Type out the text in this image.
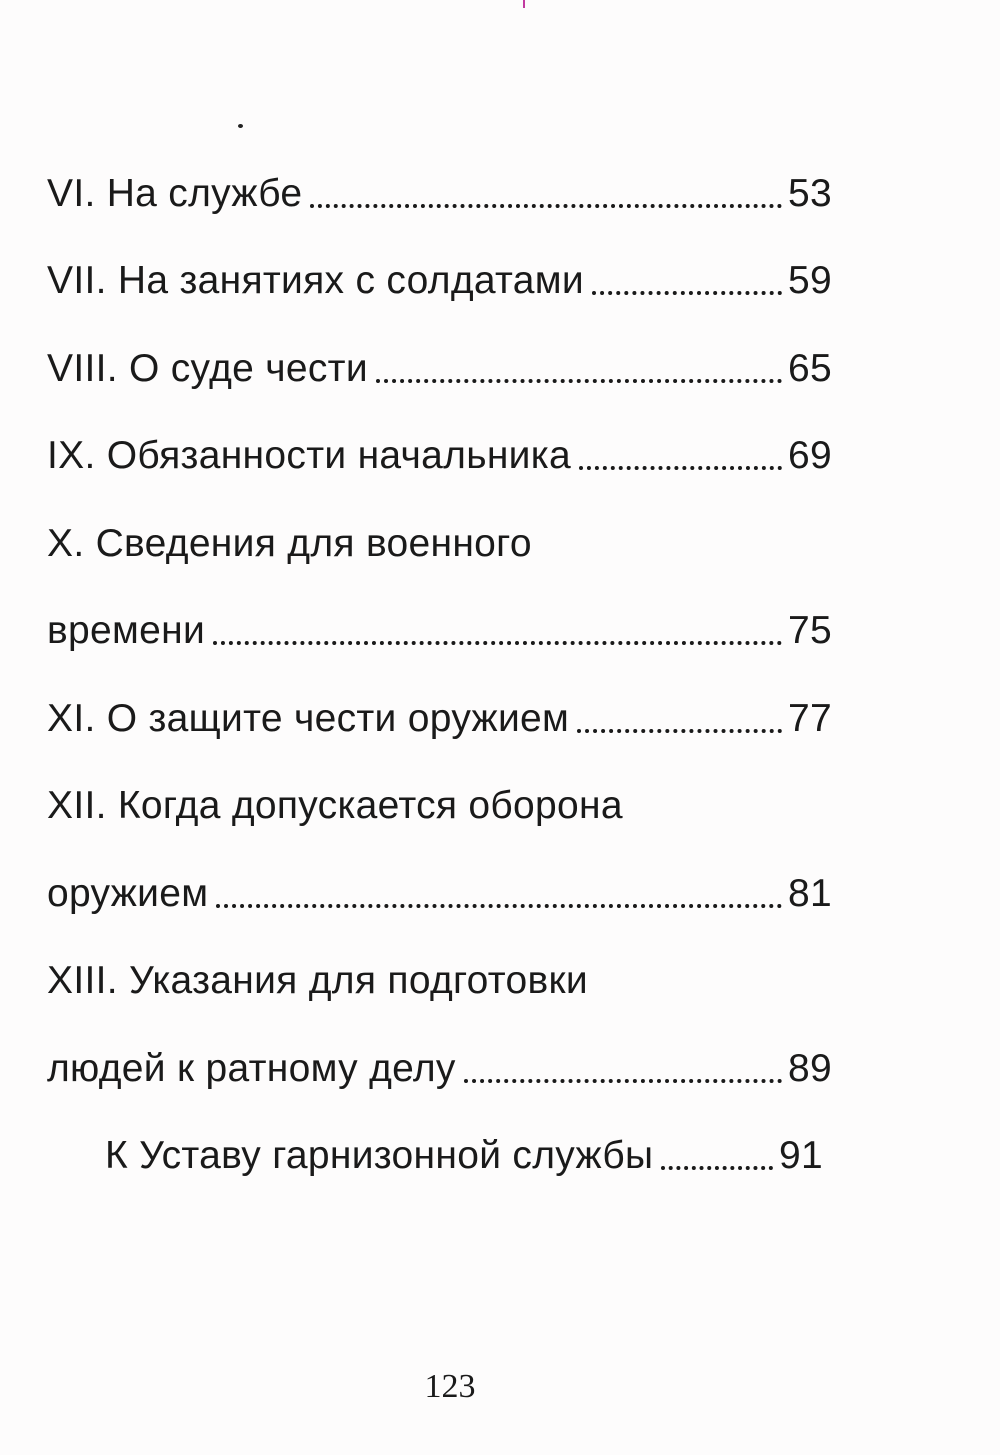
VI. На службе	53
VII. На занятиях с солдатами	59
VIII. О суде чести	65
IX. Обязанности начальника	69
X. Сведения для военного
времени	75
XI. О защите чести оружием	77
XII. Когда допускается оборона
оружием	81
XIII. Указания для подготовки
людей к ратному делу	89
К Уставу гарнизонной службы	91
123
